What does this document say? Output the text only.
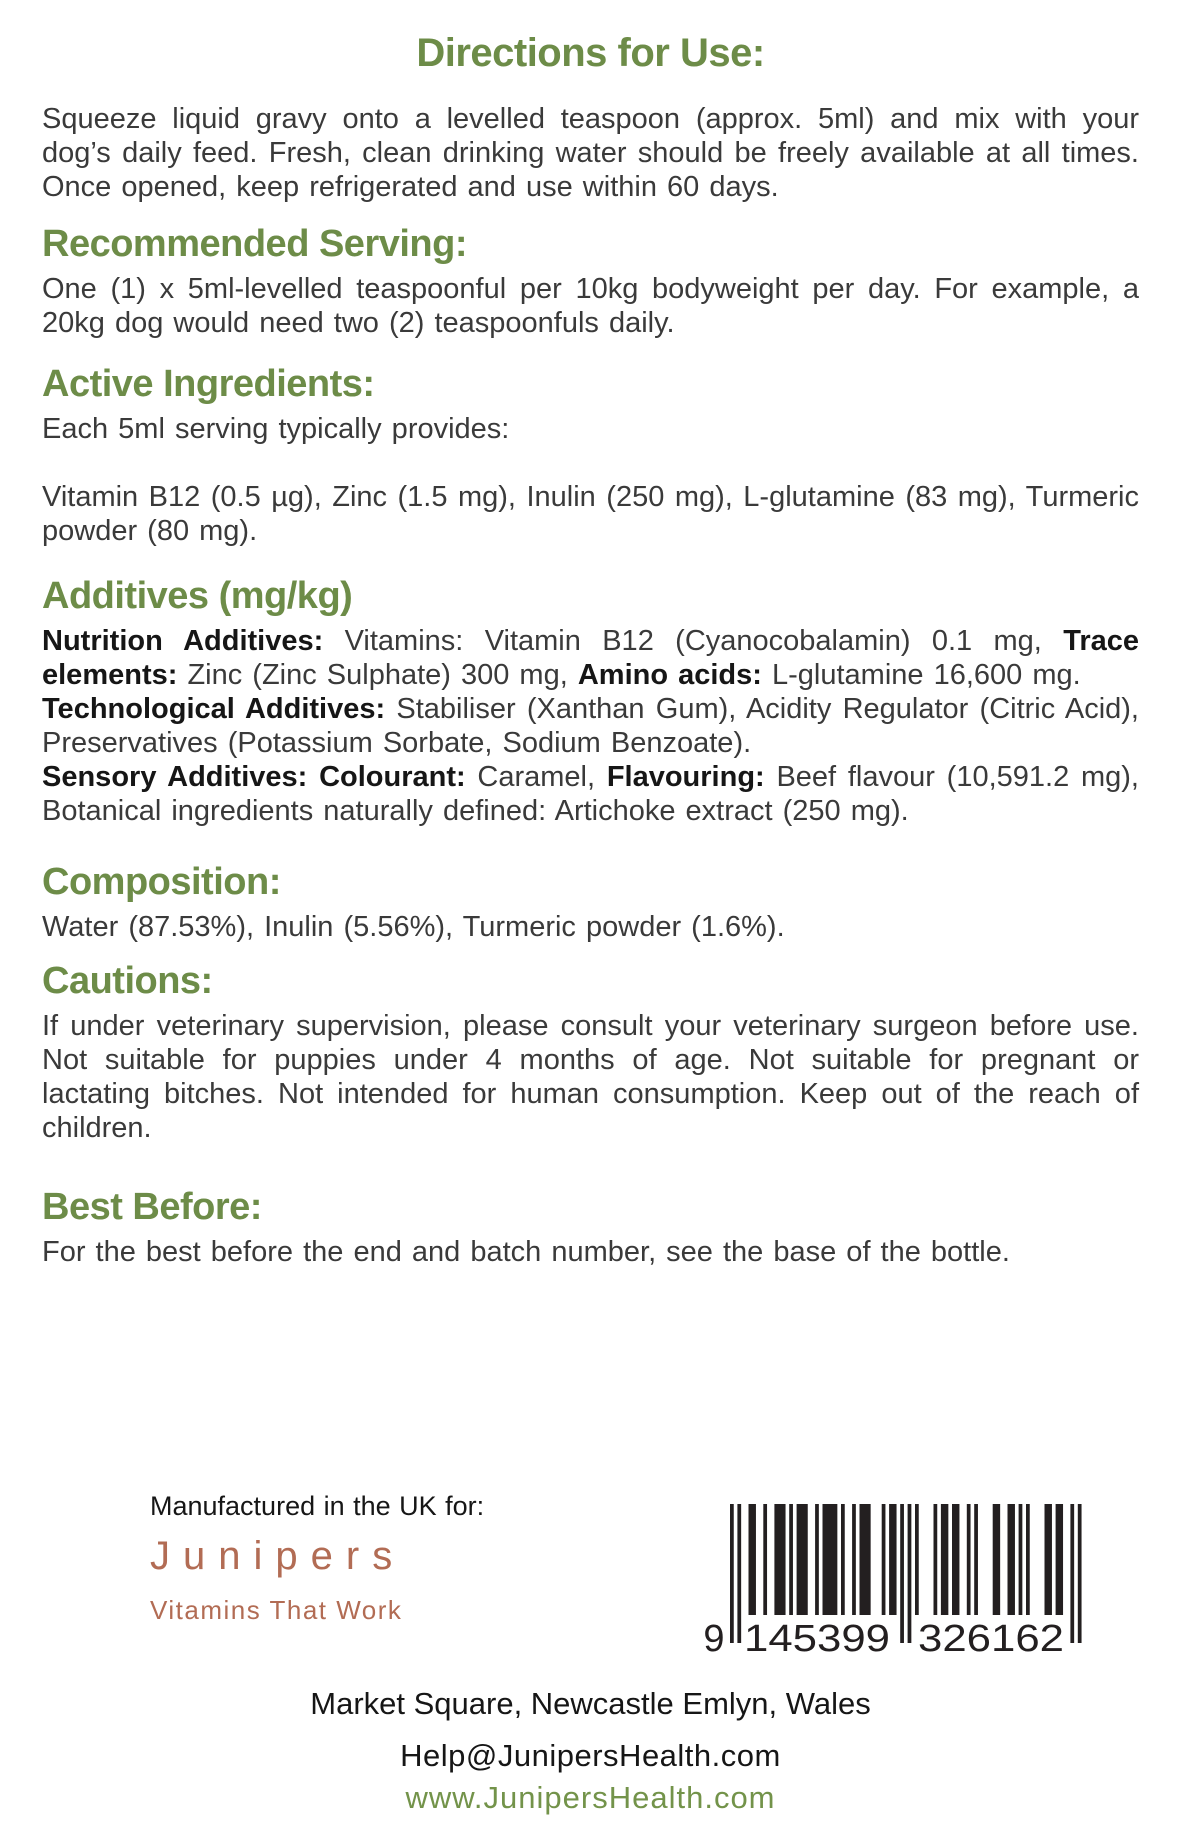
Directions for Use:

Squeeze liquid gravy onto a levelled teaspoon (approx. 5ml) and mix with your dog’s daily feed. Fresh, clean drinking water should be freely available at all times. Once opened, keep refrigerated and use within 60 days.

Recommended Serving:

One (1) x 5ml-levelled teaspoonful per 10kg bodyweight per day. For example, a 20kg dog would need two (2) teaspoonfuls daily.

Active Ingredients:

Each 5ml serving typically provides:

Vitamin B12 (0.5 µg), Zinc (1.5 mg), Inulin (250 mg), L-glutamine (83 mg), Turmeric powder (80 mg).

Additives (mg/kg)

Nutrition Additives: Vitamins: Vitamin B12 (Cyanocobalamin) 0.1 mg, Trace elements: Zinc (Zinc Sulphate) 300 mg, Amino acids: L-glutamine 16,600 mg.

Technological Additives: Stabiliser (Xanthan Gum), Acidity Regulator (Citric Acid), Preservatives (Potassium Sorbate, Sodium Benzoate).

Sensory Additives: Colourant: Caramel, Flavouring: Beef flavour (10,591.2 mg), Botanical ingredients naturally defined: Artichoke extract (250 mg).

Composition:

Water (87.53%), Inulin (5.56%), Turmeric powder (1.6%).

Cautions:

If under veterinary supervision, please consult your veterinary surgeon before use. Not suitable for puppies under 4 months of age. Not suitable for pregnant or lactating bitches. Not intended for human consumption. Keep out of the reach of children.

Best Before:

For the best before the end and batch number, see the base of the bottle.

Manufactured in the UK for:
Junipers
Vitamins That Work
9 145399 326162
Market Square, Newcastle Emlyn, Wales
Help@JunipersHealth.com
www.JunipersHealth.com
